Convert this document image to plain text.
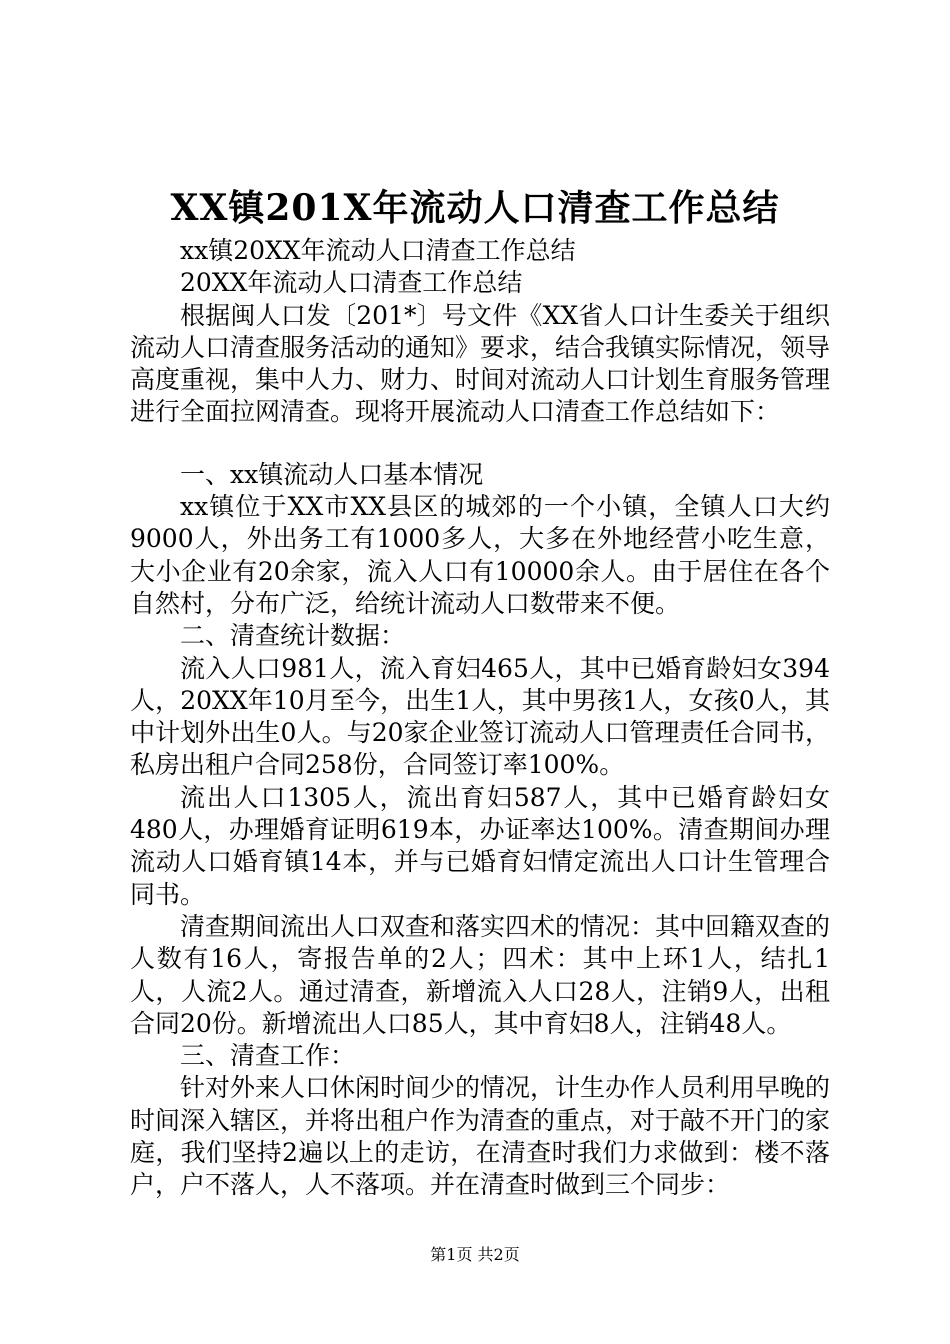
XX镇201X年流动人口清查工作总结

xx镇20XX年流动人口清查工作总结

20XX年流动人口清查工作总结

根据闽人口发〔201*〕号文件《XX省人口计生委关于组织流动人口清查服务活动的通知》要求，结合我镇实际情况，领导高度重视，集中人力、财力、时间对流动人口计划生育服务管理进行全面拉网清查。现将开展流动人口清查工作总结如下：

一、xx镇流动人口基本情况

xx镇位于XX市XX县区的城郊的一个小镇，全镇人口大约9000人，外出务工有1000多人，大多在外地经营小吃生意，大小企业有20余家，流入人口有10000余人。由于居住在各个自然村，分布广泛，给统计流动人口数带来不便。

二、清查统计数据：

流入人口981人，流入育妇465人，其中已婚育龄妇女394人，20XX年10月至今，出生1人，其中男孩1人，女孩0人，其中计划外出生0人。与20家企业签订流动人口管理责任合同书，私房出租户合同258份，合同签订率100%。

流出人口1305人，流出育妇587人，其中已婚育龄妇女480人，办理婚育证明619本，办证率达100%。清查期间办理流动人口婚育镇14本，并与已婚育妇情定流出人口计生管理合同书。

清查期间流出人口双查和落实四术的情况：其中回籍双查的人数有16人，寄报告单的2人；四术：其中上环1人，结扎1人，人流2人。通过清查，新增流入人口28人，注销9人，出租合同20份。新增流出人口85人，其中育妇8人，注销48人。

三、清查工作：

针对外来人口休闲时间少的情况，计生办作人员利用早晚的时间深入辖区，并将出租户作为清查的重点，对于敲不开门的家庭，我们坚持2遍以上的走访，在清查时我们力求做到：楼不落户，户不落人，人不落项。并在清查时做到三个同步：

第1页 共2页
